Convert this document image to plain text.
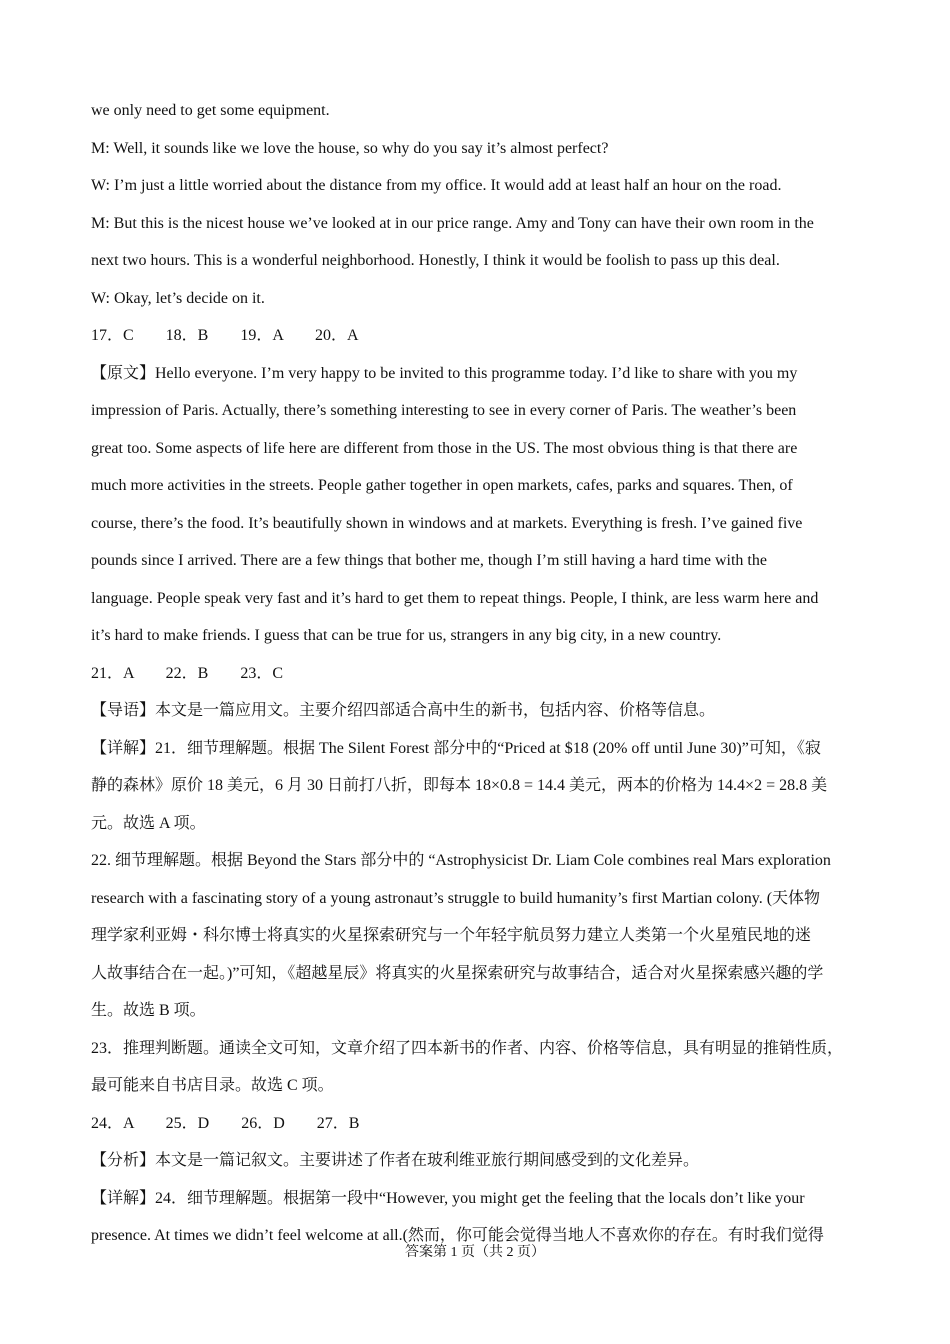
we only need to get some equipment.
M: Well, it sounds like we love the house, so why do you say it’s almost perfect?
W: I’m just a little worried about the distance from my office. It would add at least half an hour on the road.
M: But this is the nicest house we’ve looked at in our price range. Amy and Tony can have their own room in the
next two hours. This is a wonderful neighborhood. Honestly, I think it would be foolish to pass up this deal.
W: Okay, let’s decide on it.
17．C　　18．B　　19．A　　20．A
【原文】Hello everyone. I’m very happy to be invited to this programme today. I’d like to share with you my
impression of Paris. Actually, there’s something interesting to see in every corner of Paris. The weather’s been
great too. Some aspects of life here are different from those in the US. The most obvious thing is that there are
much more activities in the streets. People gather together in open markets, cafes, parks and squares. Then, of
course, there’s the food. It’s beautifully shown in windows and at markets. Everything is fresh. I’ve gained five
pounds since I arrived. There are a few things that bother me, though I’m still having a hard time with the
language. People speak very fast and it’s hard to get them to repeat things. People, I think, are less warm here and
it’s hard to make friends. I guess that can be true for us, strangers in any big city, in a new country.
21．A　　22．B　　23．C
【导语】本文是一篇应用文。主要介绍四部适合高中生的新书，包括内容、价格等信息。
【详解】21．细节理解题。根据 The Silent Forest 部分中的“Priced at $18 (20% off until June 30)”可知，《寂
静的森林》原价 18 美元，6 月 30 日前打八折，即每本 18×0.8 = 14.4 美元，两本的价格为 14.4×2 = 28.8 美
元。故选 A 项。
22. 细节理解题。根据 Beyond the Stars 部分中的 “Astrophysicist Dr. Liam Cole combines real Mars exploration
research with a fascinating story of a young astronaut’s struggle to build humanity’s first Martian colony. (天体物
理学家利亚姆・科尔博士将真实的火星探索研究与一个年轻宇航员努力建立人类第一个火星殖民地的迷
人故事结合在一起。)”可知，《超越星辰》将真实的火星探索研究与故事结合，适合对火星探索感兴趣的学
生。故选 B 项。
23．推理判断题。通读全文可知，文章介绍了四本新书的作者、内容、价格等信息，具有明显的推销性质，
最可能来自书店目录。故选 C 项。
24．A　　25．D　　26．D　　27．B
【分析】本文是一篇记叙文。主要讲述了作者在玻利维亚旅行期间感受到的文化差异。
【详解】24．细节理解题。根据第一段中“However, you might get the feeling that the locals don’t like your
presence. At times we didn’t feel welcome at all.(然而，你可能会觉得当地人不喜欢你的存在。有时我们觉得
答案第 1 页（共 2 页）
